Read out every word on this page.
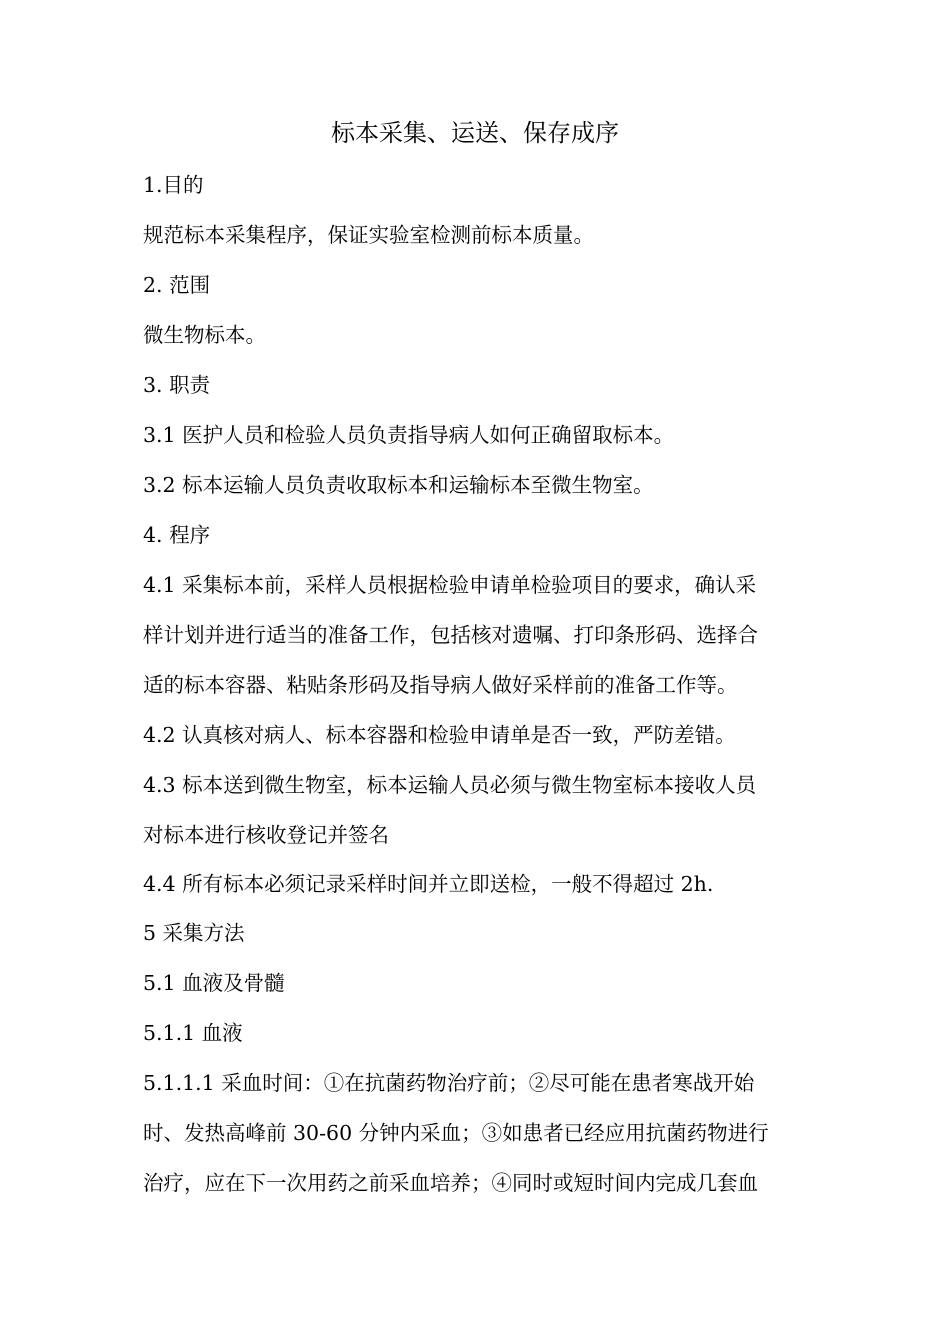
标本采集、运送、保存成序

1.目的

规范标本采集程序，保证实验室检测前标本质量。

2. 范围

微生物标本。

3. 职责

3.1 医护人员和检验人员负责指导病人如何正确留取标本。

3.2 标本运输人员负责收取标本和运输标本至微生物室。

4. 程序

4.1 采集标本前，采样人员根据检验申请单检验项目的要求，确认采

样计划并进行适当的准备工作，包括核对遗嘱、打印条形码、选择合

适的标本容器、粘贴条形码及指导病人做好采样前的准备工作等。

4.2 认真核对病人、标本容器和检验申请单是否一致，严防差错。

4.3 标本送到微生物室，标本运输人员必须与微生物室标本接收人员

对标本进行核收登记并签名

4.4 所有标本必须记录采样时间并立即送检，一般不得超过 2h.

5 采集方法

5.1 血液及骨髓

5.1.1 血液

5.1.1.1 采血时间：①在抗菌药物治疗前；②尽可能在患者寒战开始

时、发热高峰前 30-60 分钟内采血；③如患者已经应用抗菌药物进行

治疗，应在下一次用药之前采血培养；④同时或短时间内完成几套血
